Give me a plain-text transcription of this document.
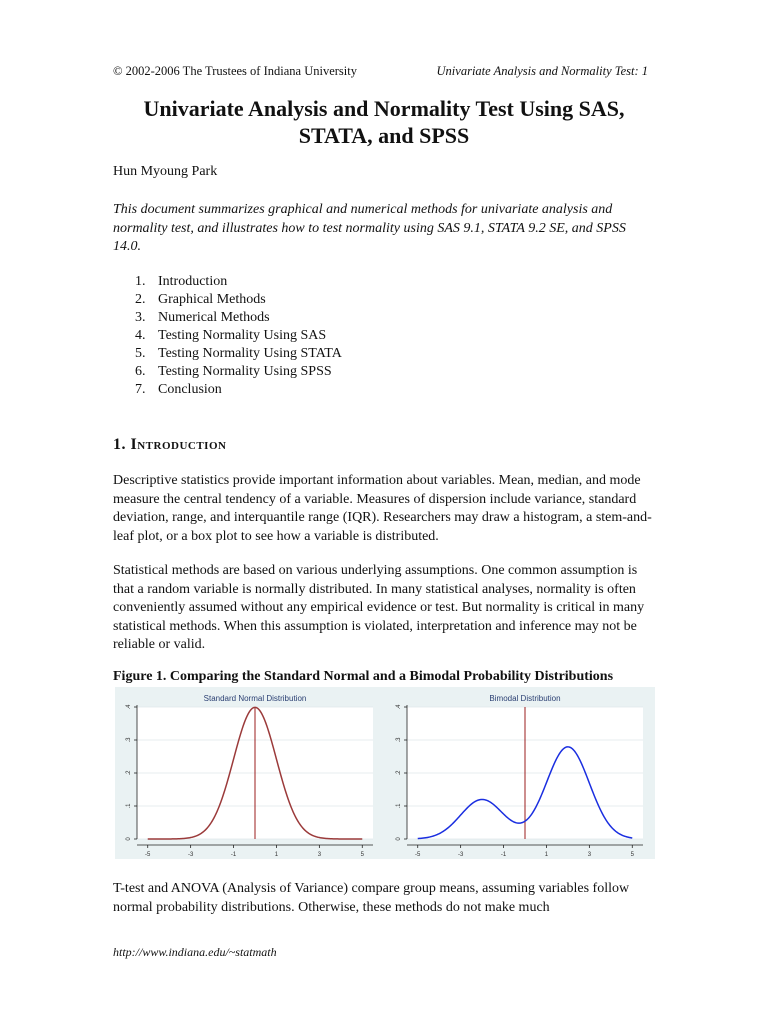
© 2002-2006 The Trustees of Indiana University	Univariate Analysis and Normality Test: 1
Univariate Analysis and Normality Test Using SAS,
STATA, and SPSS
Hun Myoung Park
This document summarizes graphical and numerical methods for univariate analysis and normality test, and illustrates how to test normality using SAS 9.1, STATA 9.2 SE, and SPSS 14.0.
1. Introduction
2. Graphical Methods
3. Numerical Methods
4. Testing Normality Using SAS
5. Testing Normality Using STATA
6. Testing Normality Using SPSS
7. Conclusion
1. Introduction

Descriptive statistics provide important information about variables. Mean, median, and mode measure the central tendency of a variable. Measures of dispersion include variance, standard deviation, range, and interquantile range (IQR). Researchers may draw a histogram, a stem-and-leaf plot, or a box plot to see how a variable is distributed.

Statistical methods are based on various underlying assumptions. One common assumption is that a random variable is normally distributed. In many statistical analyses, normality is often conveniently assumed without any empirical evidence or test. But normality is critical in many statistical methods. When this assumption is violated, interpretation and inference may not be reliable or valid.

Figure 1. Comparing the Standard Normal and a Bimodal Probability Distributions
0
.1
.2
.3
.4
-5	-3	-1	1	3	5
Standard Normal Distribution
0
.1
.2
.3
.4
-5	-3	-1	1	3	5
Bimodal Distribution

T-test and ANOVA (Analysis of Variance) compare group means, assuming variables follow normal probability distributions. Otherwise, these methods do not make much

http://www.indiana.edu/~statmath
